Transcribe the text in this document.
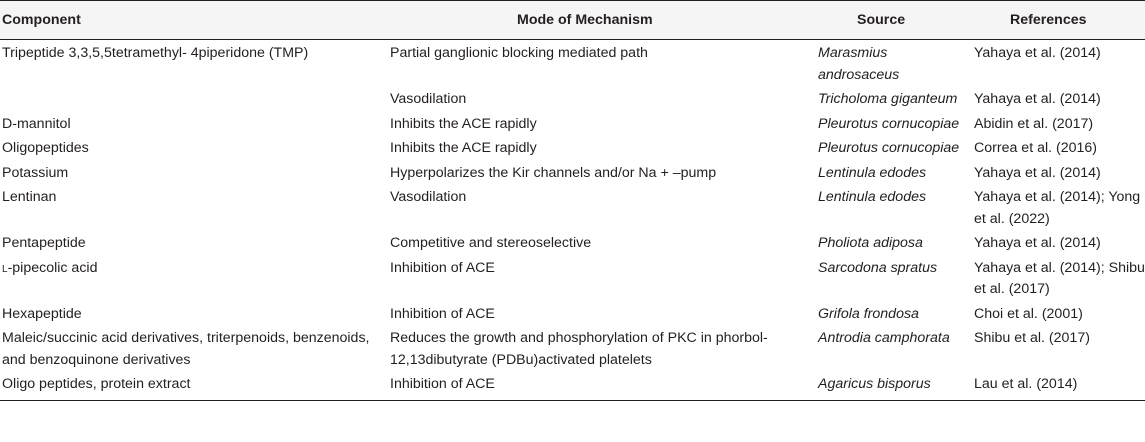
Component	Mode of Mechanism	Source	References
Tripeptide 3,3,5,5tetramethyl- 4piperidone (TMP)	Partial ganglionic blocking mediated path	Marasmius androsaceus	Yahaya et al. (2014)
	Vasodilation	Tricholoma giganteum	Yahaya et al. (2014)
D-mannitol	Inhibits the ACE rapidly	Pleurotus cornucopiae	Abidin et al. (2017)
Oligopeptides	Inhibits the ACE rapidly	Pleurotus cornucopiae	Correa et al. (2016)
Potassium	Hyperpolarizes the Kir channels and/or Na + –pump	Lentinula edodes	Yahaya et al. (2014)
Lentinan	Vasodilation	Lentinula edodes	Yahaya et al. (2014); Yong et al. (2022)
Pentapeptide	Competitive and stereoselective	Pholiota adiposa	Yahaya et al. (2014)
l-pipecolic acid	Inhibition of ACE	Sarcodona spratus	Yahaya et al. (2014); Shibu et al. (2017)
Hexapeptide	Inhibition of ACE	Grifola frondosa	Choi et al. (2001)
Maleic/succinic acid derivatives, triterpenoids, benzenoids, and benzoquinone derivatives	Reduces the growth and phosphorylation of PKC in phorbol-12,13dibutyrate (PDBu)activated platelets	Antrodia camphorata	Shibu et al. (2017)
Oligo peptides, protein extract	Inhibition of ACE	Agaricus bisporus	Lau et al. (2014)
